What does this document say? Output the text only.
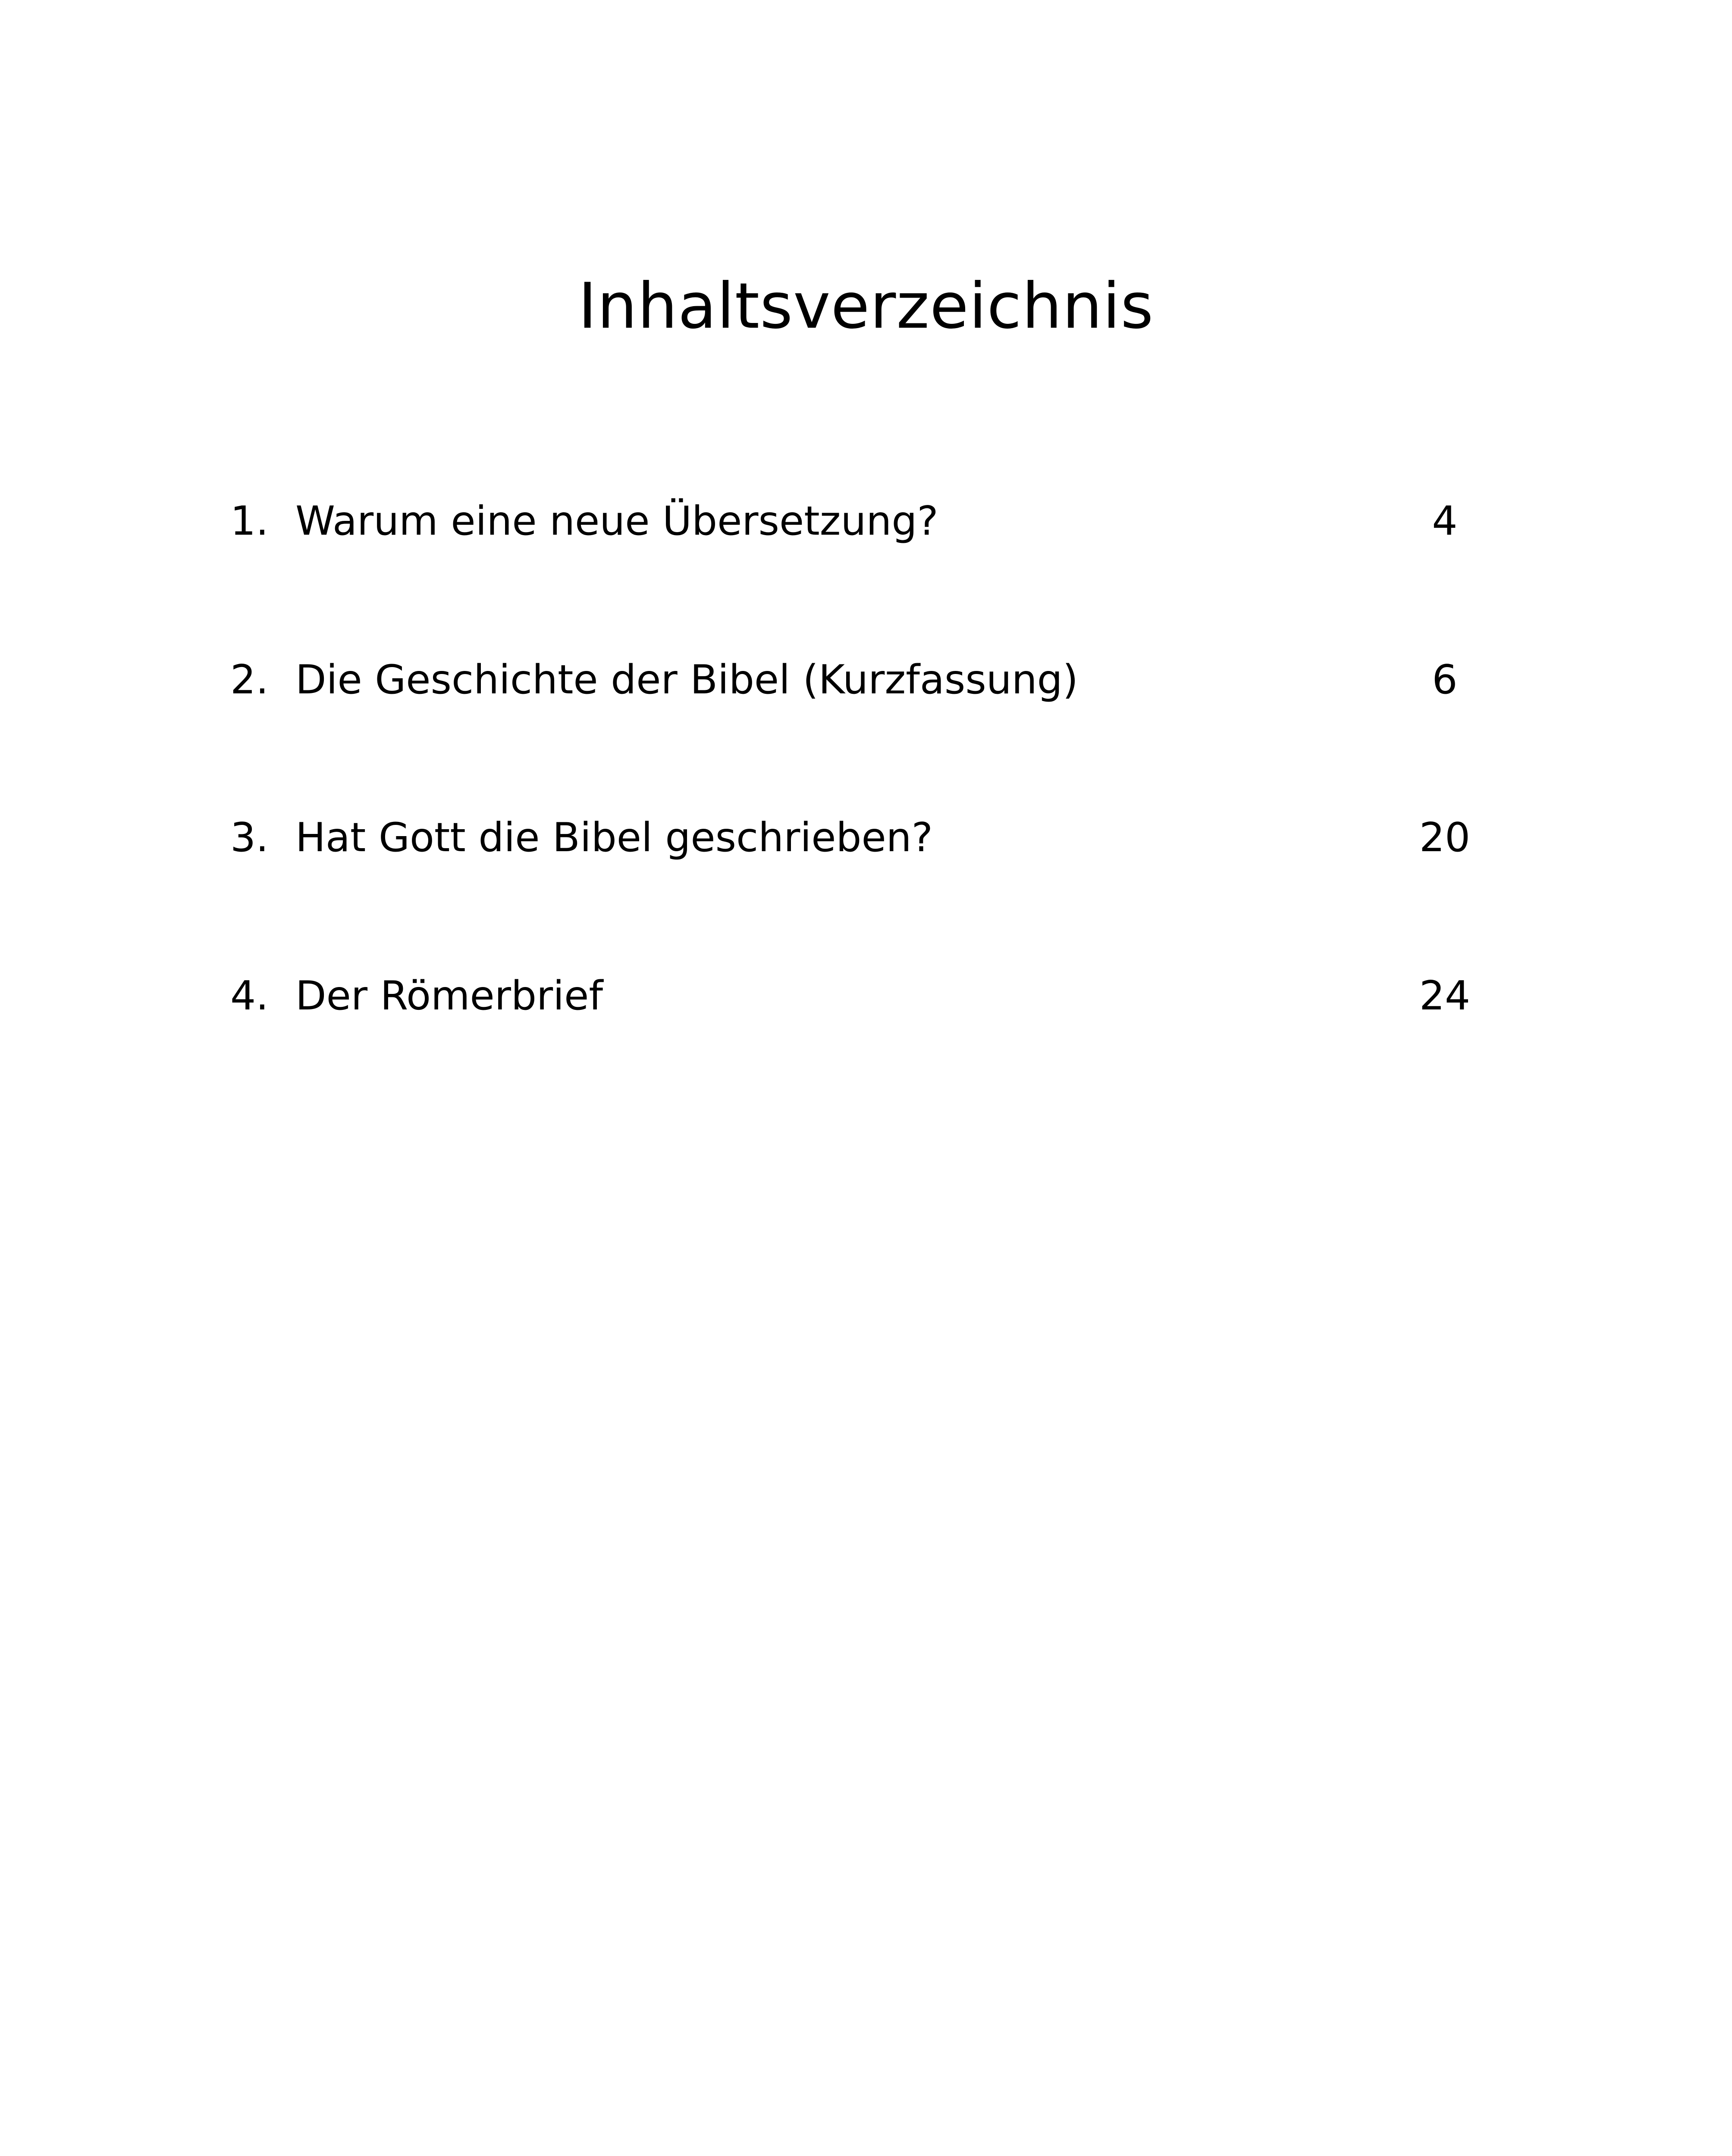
Inhaltsverzeichnis
1. Warum eine neue Übersetzung?	4
2. Die Geschichte der Bibel (Kurzfassung)	6
3. Hat Gott die Bibel geschrieben?	20
4. Der Römerbrief	24
